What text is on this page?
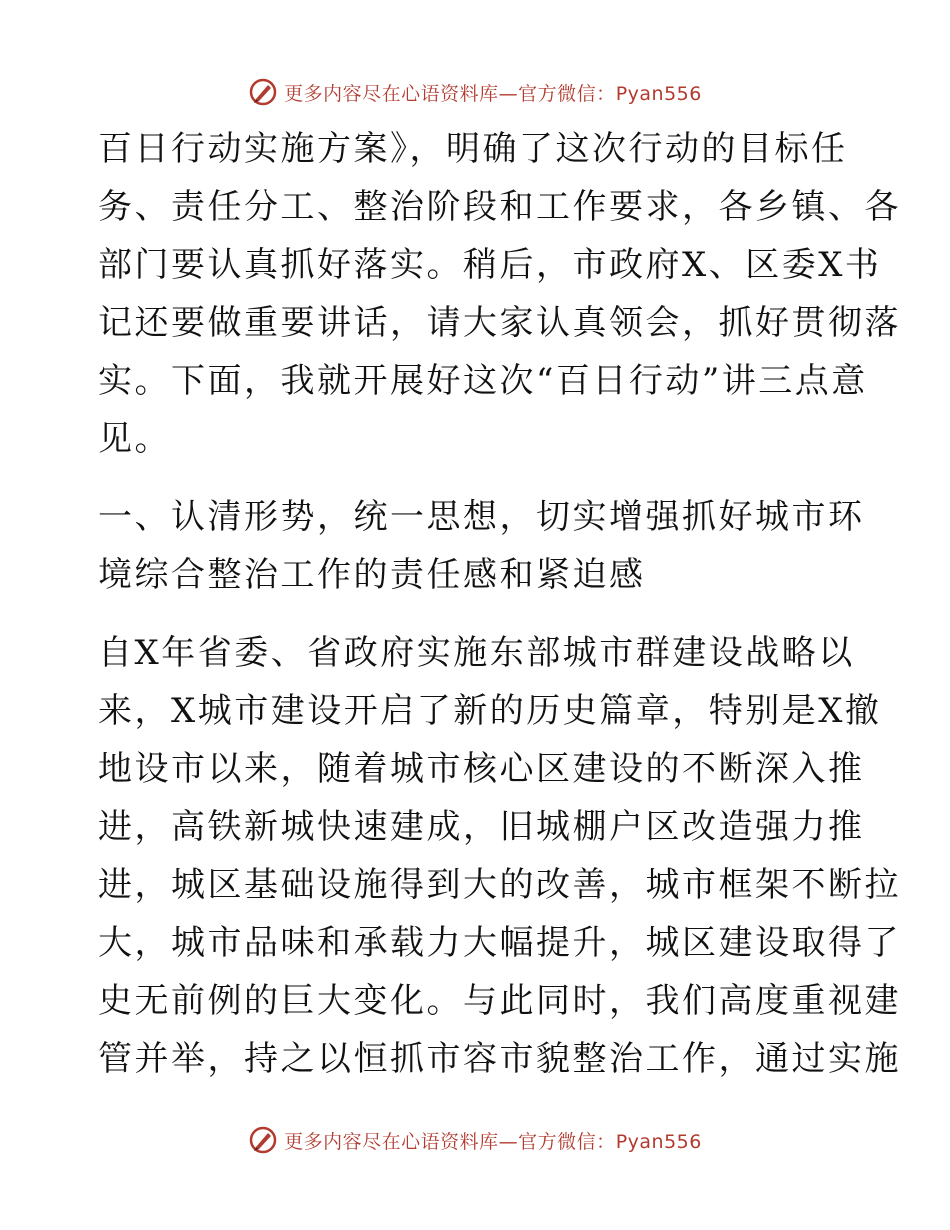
更多内容尽在心语资料库—官方微信：Pyan556
百日行动实施方案》，明确了这次行动的目标任
务、责任分工、整治阶段和工作要求，各乡镇、各
部门要认真抓好落实。稍后，市政府X、区委X书
记还要做重要讲话，请大家认真领会，抓好贯彻落
实。下面，我就开展好这次“百日行动”讲三点意
见。
一、认清形势，统一思想，切实增强抓好城市环
境综合整治工作的责任感和紧迫感
自X年省委、省政府实施东部城市群建设战略以
来，X城市建设开启了新的历史篇章，特别是X撤
地设市以来，随着城市核心区建设的不断深入推
进，高铁新城快速建成，旧城棚户区改造强力推
进，城区基础设施得到大的改善，城市框架不断拉
大，城市品味和承载力大幅提升，城区建设取得了
史无前例的巨大变化。与此同时，我们高度重视建
管并举，持之以恒抓市容市貌整治工作，通过实施
更多内容尽在心语资料库—官方微信：Pyan556
